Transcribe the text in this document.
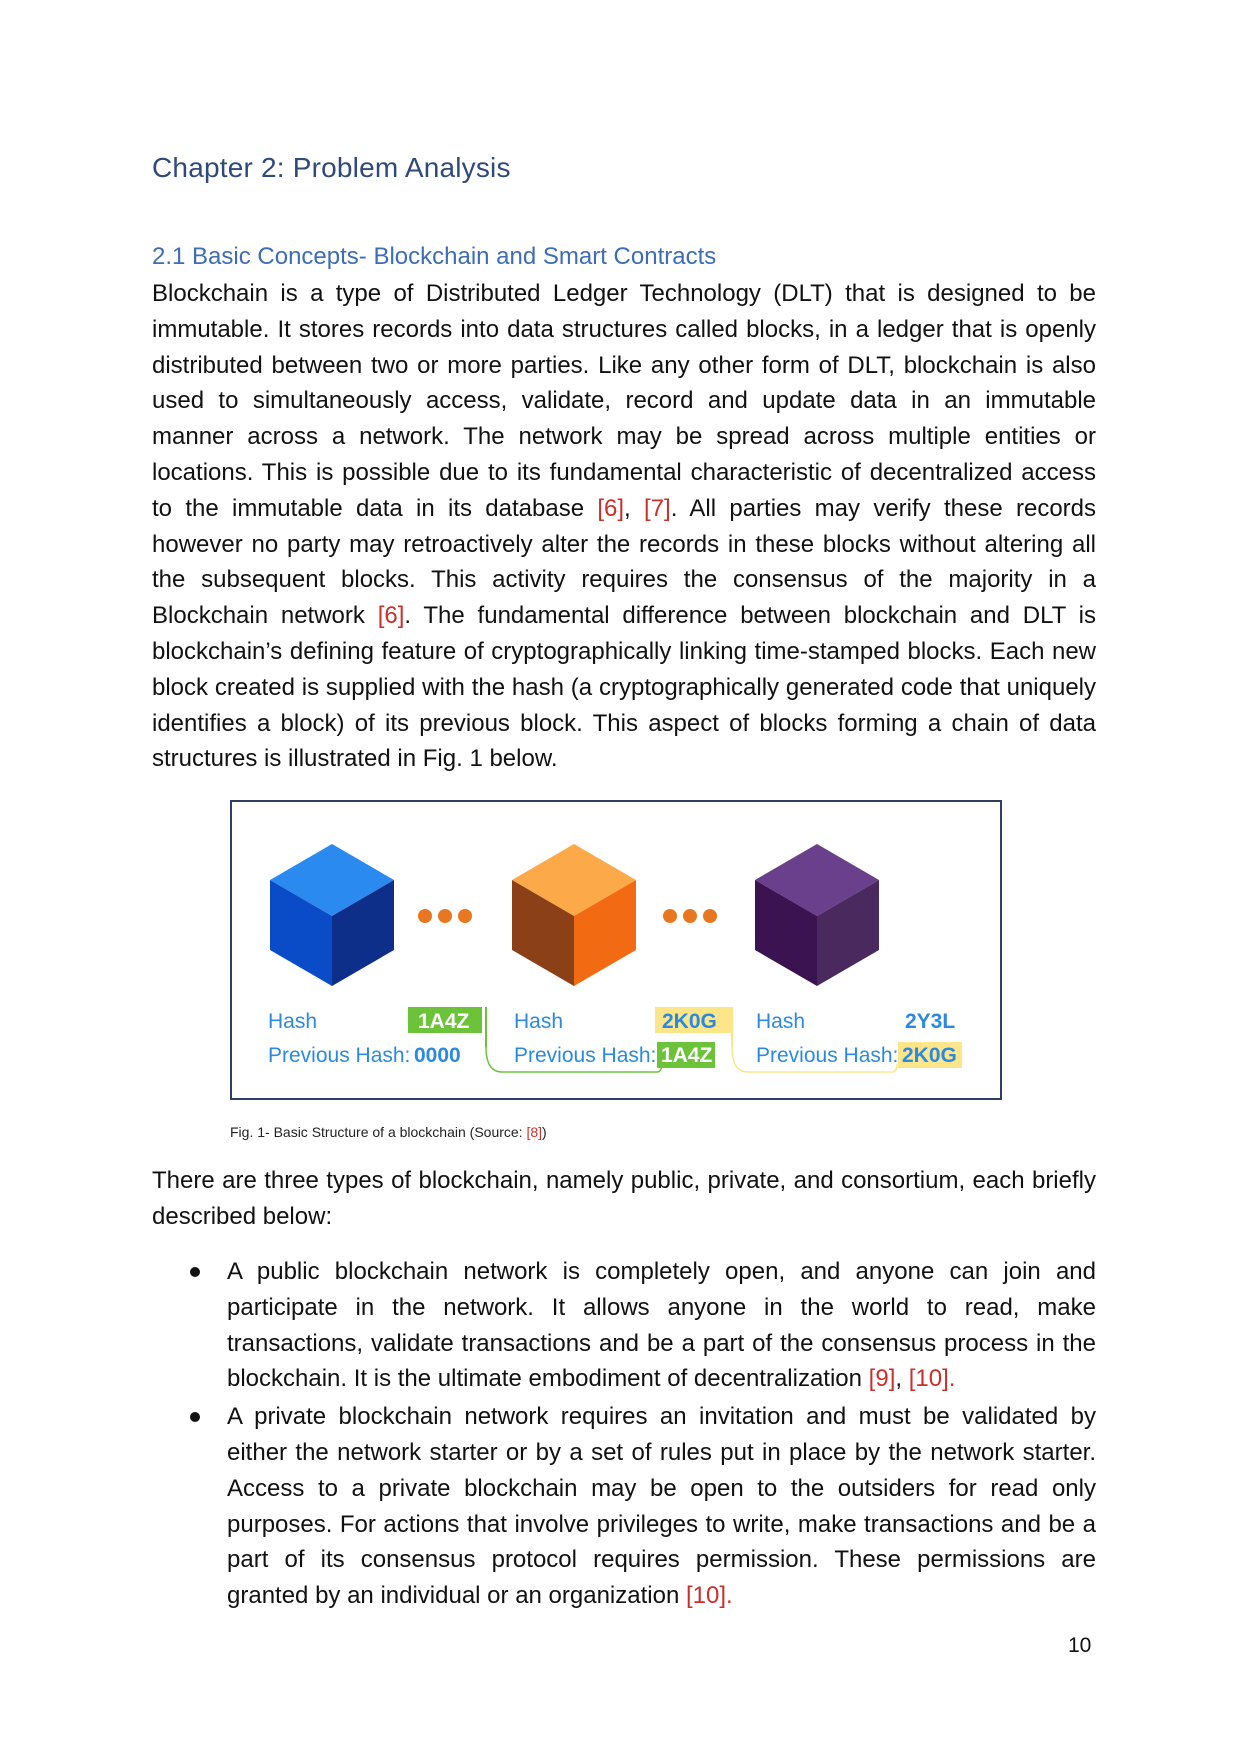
Chapter 2: Problem Analysis
2.1 Basic Concepts- Blockchain and Smart Contracts

Blockchain is a type of Distributed Ledger Technology (DLT) that is designed to be immutable. It stores records into data structures called blocks, in a ledger that is openly distributed between two or more parties. Like any other form of DLT, blockchain is also used to simultaneously access, validate, record and update data in an immutable manner across a network. The network may be spread across multiple entities or locations. This is possible due to its fundamental characteristic of decentralized access to the immutable data in its database [6], [7]. All parties may verify these records however no party may retroactively alter the records in these blocks without altering all the subsequent blocks. This activity requires the consensus of the majority in a Blockchain network [6]. The fundamental difference between blockchain and DLT is blockchain’s defining feature of cryptographically linking time-stamped blocks. Each new block created is supplied with the hash (a cryptographically generated code that uniquely identifies a block) of its previous block. This aspect of blocks forming a chain of data structures is illustrated in Fig. 1 below.

Hash	1A4Z
Previous Hash: 0000
Hash	2K0G
Previous Hash: 1A4Z
Hash	2Y3L
Previous Hash: 2K0G

Fig. 1- Basic Structure of a blockchain (Source: [8])

There are three types of blockchain, namely public, private, and consortium, each briefly described below:

A public blockchain network is completely open, and anyone can join and participate in the network. It allows anyone in the world to read, make transactions, validate transactions and be a part of the consensus process in the blockchain. It is the ultimate embodiment of decentralization [9], [10].
A private blockchain network requires an invitation and must be validated by either the network starter or by a set of rules put in place by the network starter. Access to a private blockchain may be open to the outsiders for read only purposes. For actions that involve privileges to write, make transactions and be a part of its consensus protocol requires permission. These permissions are granted by an individual or an organization [10].
10
